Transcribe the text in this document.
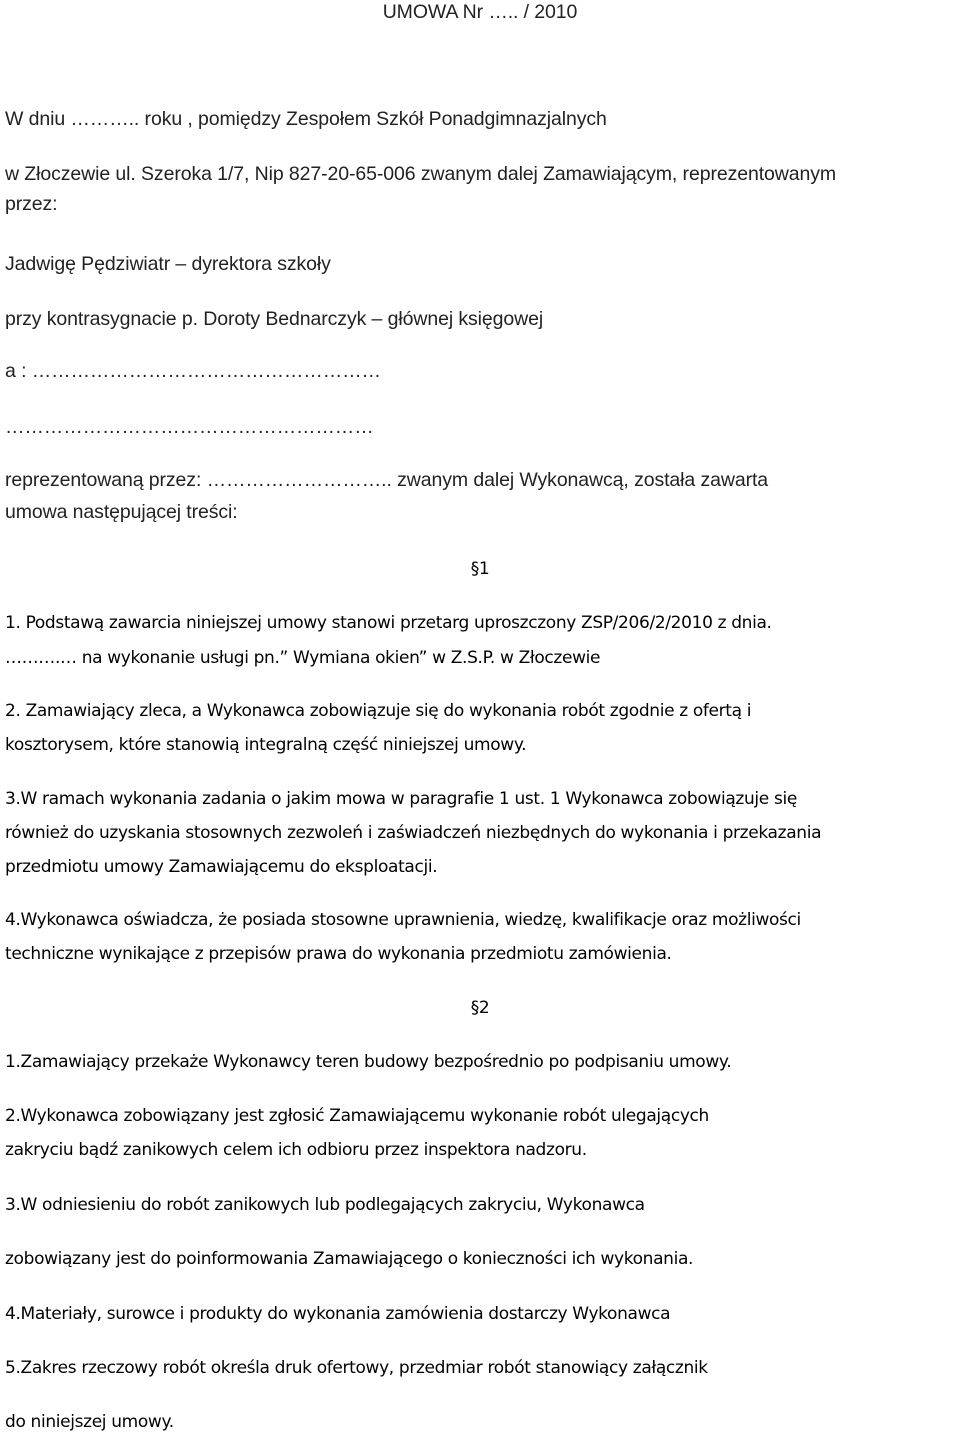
UMOWA Nr ….. / 2010
W dniu ……….. roku , pomiędzy Zespołem Szkół Ponadgimnazjalnych
w Złoczewie ul. Szeroka 1/7, Nip 827-20-65-006 zwanym dalej Zamawiającym, reprezentowanym
przez:
Jadwigę Pędziwiatr – dyrektora szkoły
przy kontrasygnacie p. Doroty Bednarczyk – głównej księgowej
a : ………………………………………………
…………………………………………………
reprezentowaną przez: ……………………….. zwanym dalej Wykonawcą, została zawarta
umowa następującej treści:
§1
1. Podstawą zawarcia niniejszej umowy stanowi przetarg uproszczony ZSP/206/2/2010 z dnia.
……….… na wykonanie usługi pn.” Wymiana okien” w Z.S.P. w Złoczewie
2. Zamawiający zleca, a Wykonawca zobowiązuje się do wykonania robót zgodnie z ofertą i
kosztorysem, które stanowią integralną część niniejszej umowy.
3.W ramach wykonania zadania o jakim mowa w paragrafie 1 ust. 1 Wykonawca zobowiązuje się
również do uzyskania stosownych zezwoleń i zaświadczeń niezbędnych do wykonania i przekazania
przedmiotu umowy Zamawiającemu do eksploatacji.
4.Wykonawca oświadcza, że posiada stosowne uprawnienia, wiedzę, kwalifikacje oraz możliwości
techniczne wynikające z przepisów prawa do wykonania przedmiotu zamówienia.
§2
1.Zamawiający przekaże Wykonawcy teren budowy bezpośrednio po podpisaniu umowy.
2.Wykonawca zobowiązany jest zgłosić Zamawiającemu wykonanie robót ulegających
zakryciu bądź zanikowych celem ich odbioru przez inspektora nadzoru.
3.W odniesieniu do robót zanikowych lub podlegających zakryciu, Wykonawca
zobowiązany jest do poinformowania Zamawiającego o konieczności ich wykonania.
4.Materiały, surowce i produkty do wykonania zamówienia dostarczy Wykonawca
5.Zakres rzeczowy robót określa druk ofertowy, przedmiar robót stanowiący załącznik
do niniejszej umowy.
